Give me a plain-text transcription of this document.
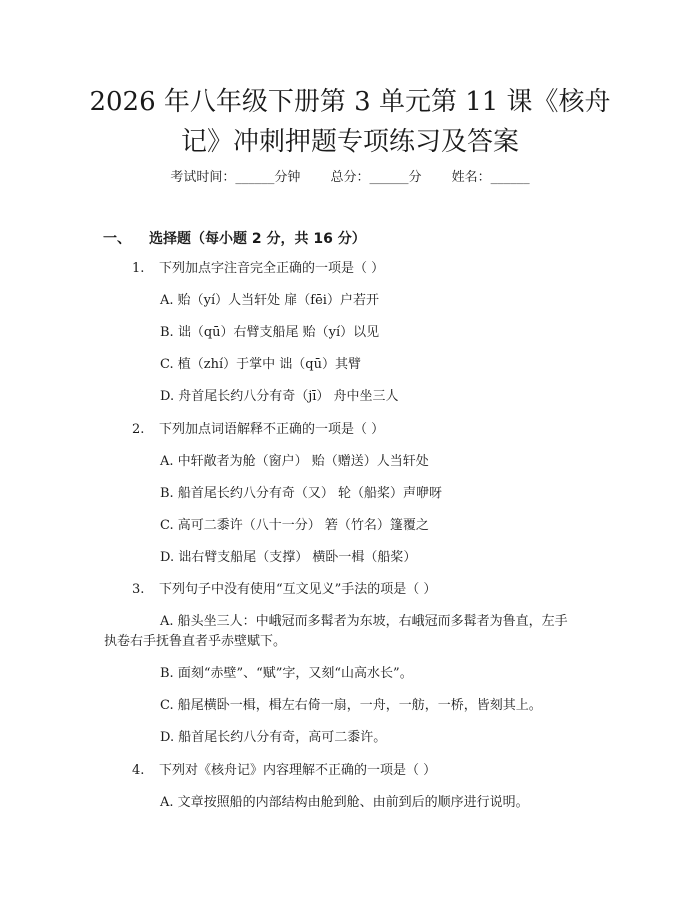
2026 年八年级下册第 3 单元第 11 课《核舟
记》冲刺押题专项练习及答案
考试时间：______分钟 总分：______分 姓名：______
一、 选择题（每小题 2 分，共 16 分）
1. 下列加点字注音完全正确的一项是（ ）
A. 贻（yí）人当轩处 扉（fēi）户若开
B. 诎（qū）右臂支船尾 贻（yí）以见
C. 植（zhí）于掌中 诎（qū）其臂
D. 舟首尾长约八分有奇（jī） 舟中坐三人
2. 下列加点词语解释不正确的一项是（ ）
A. 中轩敞者为舱（窗户） 贻（赠送）人当轩处
B. 船首尾长约八分有奇（又） 轮（船桨）声咿呀
C. 高可二黍许（八十一分） 箬（竹名）篷覆之
D. 诎右臂支船尾（支撑） 横卧一楫（船桨）
3. 下列句子中没有使用“互文见义”手法的项是（ ）
A. 船头坐三人：中峨冠而多髯者为东坡，右峨冠而多髯者为鲁直，左手
执卷右手抚鲁直者乎赤壁赋下。
B. 面刻“赤壁”、“赋”字，又刻“山高水长”。
C. 船尾横卧一楫，楫左右倚一扇，一舟，一舫，一桥，皆刻其上。
D. 船首尾长约八分有奇，高可二黍许。
4. 下列对《核舟记》内容理解不正确的一项是（ ）
A. 文章按照船的内部结构由舱到舱、由前到后的顺序进行说明。
